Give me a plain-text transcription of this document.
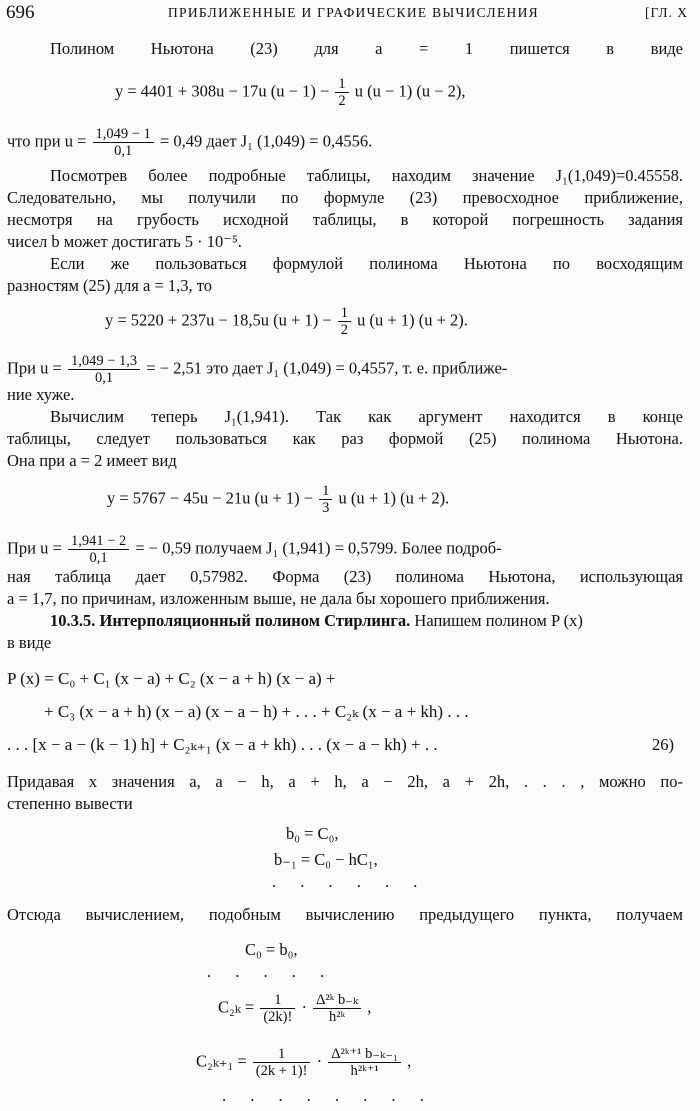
696	ПРИБЛИЖЕННЫЕ И ГРАФИЧЕСКИЕ ВЫЧИСЛЕНИЯ	[ГЛ. X
Полином Ньютона (23) для a = 1 пишется в виде
y = 4401 + 308u − 17u $(u - 1) - \frac{1}{2}$ u (u − 1) (u − 2),
что при $u = \frac{1,049 - 1}{0,1} = 0,49$ дает J₁ (1,049) = 0,4556.
Посмотрев более подробные таблицы, находим значение J₁(1,049)=0.45558.
Следовательно, мы получили по формуле (23) превосходное приближение,
несмотря на грубость исходной таблицы, в которой погрешность задания
чисел b может достигать 5 · 10⁻⁵.
Если же пользоваться формулой полинома Ньютона по восходящим
разностям (25) для a = 1,3, то
y = 5220 + 237u − 18,5u $(u + 1) - \frac{1}{2}$ u (u + 1) (u + 2).
При $u = \frac{1,049 - 1,3}{0,1}$ = − 2,51 это дает J₁ (1,049) = 0,4557, т. е. приближе-
ние хуже.
Вычислим теперь J₁(1,941). Так как аргумент находится в конце
таблицы, следует пользоваться как раз формой (25) полинома Ньютона.
Она при a = 2 имеет вид
y = 5767 − 45u − 21u $(u + 1) - \frac{1}{3}$ u (u + 1) (u + 2).
При $u = \frac{1,941 - 2}{0,1}$ = − 0,59 получаем J₁ (1,941) = 0,5799. Более подроб-
ная таблица дает 0,57982. Форма (23) полинома Ньютона, использующая
a = 1,7, по причинам, изложенным выше, не дала бы хорошего приближения.
10.3.5. Интерполяционный полином Стирлинга. Напишем полином P (x)
в виде
P (x) = C₀ + C₁ (x − a) + C₂ (x − a + h) (x − a) +
+ C₃ (x − a + h) (x − a) (x − a − h) + . . . + C₂ₖ (x − a + kh) . . .
. . . [x − a − (k − 1) h] + C₂ₖ₊₁ (x − a + kh) . . . (x − a − kh) + . .	26)
Придавая x значения a, a − h, a + h, a − 2h, a + 2h, . . . , можно по-
степенно вывести
b₀ = C₀,
b₋₁ = C₀ − hC₁,
. . . . . .
Отсюда вычислением, подобным вычислению предыдущего пункта, получаем
C₀ = b₀,
. . . . .
$C_{2k} = \frac{1}{(2k)!} \cdot \frac{\text{Δ²ᵏ b₋ₖ}}{\text{h²ᵏ}}$ ,
$C_{2k+1} = \frac{1}{(2k + 1)!} \cdot \frac{\text{Δ²ᵏ⁺¹ b₋ₖ₋₁}}{\text{h²ᵏ⁺¹}}$ ,
. . . . . . . .
